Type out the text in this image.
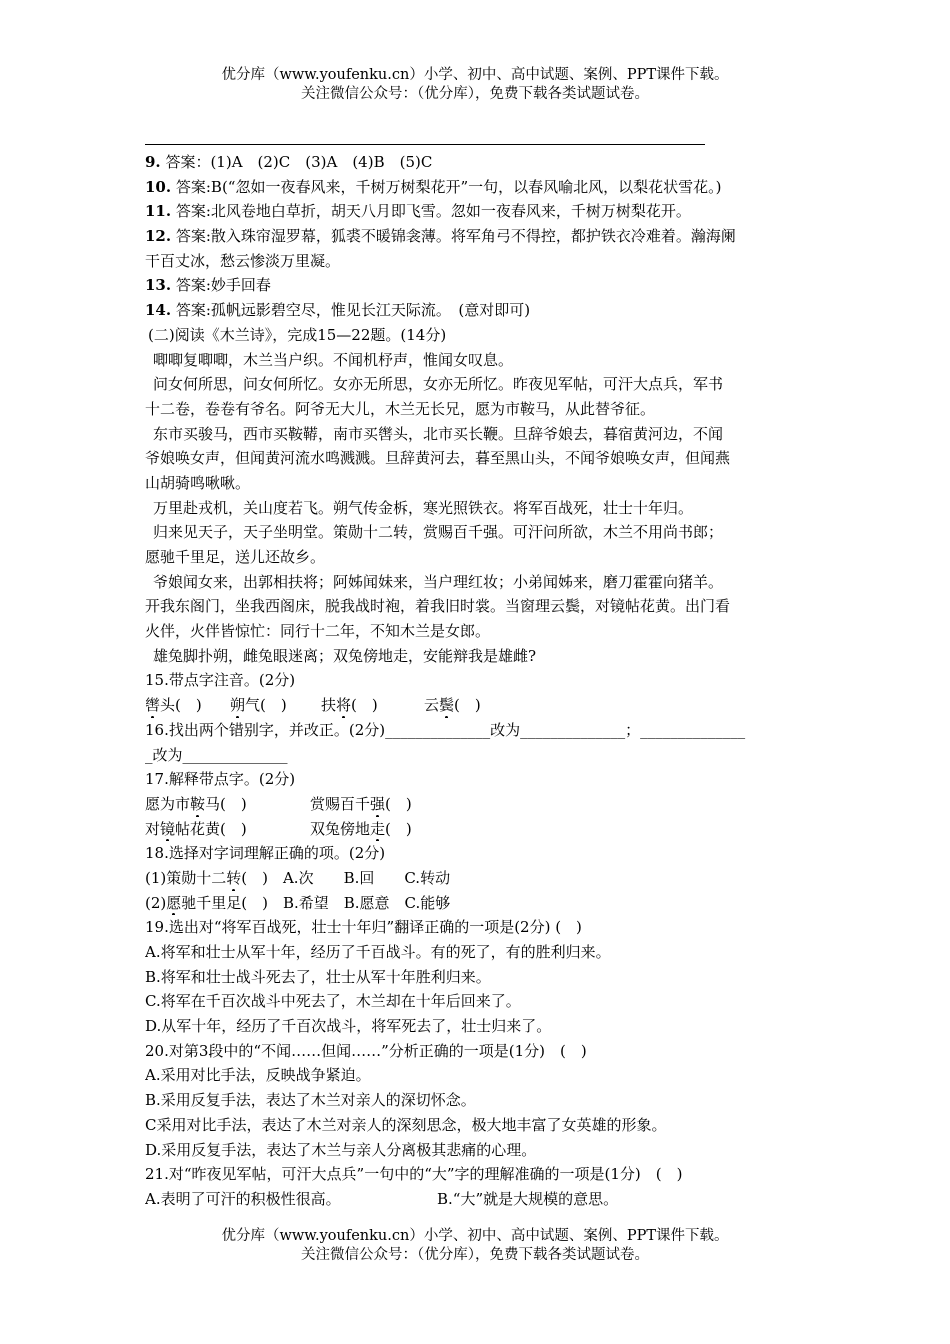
优分库（www.youfenku.cn）小学、初中、高中试题、案例、PPT课件下载。
关注微信公众号：（优分库），免费下载各类试题试卷。
9. 答案：(1)A　(2)C　(3)A　(4)B　(5)C
10. 答案:B(“忽如一夜春风来，千树万树梨花开”一句，以春风喻北风，以梨花状雪花。)
11. 答案:北风卷地白草折，胡天八月即飞雪。忽如一夜春风来，千树万树梨花开。
12. 答案:散入珠帘湿罗幕，狐裘不暖锦衾薄。将军角弓不得控，都护铁衣冷难着。瀚海阑
干百丈冰，愁云惨淡万里凝。
13. 答案:妙手回春
14. 答案:孤帆远影碧空尽，惟见长江天际流。　(意对即可)
(二)阅读《木兰诗》，完成15—22题。(14分)
唧唧复唧唧，木兰当户织。不闻机杼声，惟闻女叹息。
问女何所思，问女何所忆。女亦无所思，女亦无所忆。昨夜见军帖，可汗大点兵，军书
十二卷，卷卷有爷名。阿爷无大儿，木兰无长兄，愿为市鞍马，从此替爷征。
东市买骏马，西市买鞍鞯，南市买辔头，北市买长鞭。旦辞爷娘去，暮宿黄河边，不闻
爷娘唤女声，但闻黄河流水鸣溅溅。旦辞黄河去，暮至黑山头，不闻爷娘唤女声，但闻燕
山胡骑鸣啾啾。
万里赴戎机，关山度若飞。朔气传金柝，寒光照铁衣。将军百战死，壮士十年归。
归来见天子，天子坐明堂。策勋十二转，赏赐百千强。可汗问所欲，木兰不用尚书郎；
愿驰千里足，送儿还故乡。
爷娘闻女来，出郭相扶将；阿姊闻妹来，当户理红妆；小弟闻姊来，磨刀霍霍向猪羊。
开我东阁门，坐我西阁床，脱我战时袍，着我旧时裳。当窗理云鬓，对镜帖花黄。出门看
火伴，火伴皆惊忙：同行十二年，不知木兰是女郎。
雄兔脚扑朔，雌兔眼迷离；双兔傍地走，安能辩我是雄雌?
15.带点字注音。(2分)
辔头(　) 朔气(　) 扶将(　)	云鬓(　)
16.找出两个错别字，并改正。(2分)______________改为______________；______________
_改为______________
17.解释带点字。(2分)
愿为市鞍马(　)	赏赐百千强(　)
对镜帖花黄(　)	双兔傍地走(　)
18.选择对字词理解正确的项。(2分)
(1)策勋十二转(　)　A.次　　B.回　　C.转动
(2)愿驰千里足(　)　B.希望　B.愿意　C.能够
19.选出对“将军百战死，壮士十年归”翻译正确的一项是(2分) (　)
A.将军和壮士从军十年，经历了千百战斗。有的死了，有的胜利归来。
B.将军和壮士战斗死去了，壮士从军十年胜利归来。
C.将军在千百次战斗中死去了，木兰却在十年后回来了。
D.从军十年，经历了千百次战斗，将军死去了，壮士归来了。
20.对第3段中的“不闻……但闻……”分析正确的一项是(1分)　(　)
A.采用对比手法，反映战争紧迫。
B.采用反复手法，表达了木兰对亲人的深切怀念。
C采用对比手法，表达了木兰对亲人的深刻思念，极大地丰富了女英雄的形象。
D.采用反复手法，表达了木兰与亲人分离极其悲痛的心理。
21.对“昨夜见军帖，可汗大点兵”一句中的“大”字的理解准确的一项是(1分)　(　)
A.表明了可汗的积极性很高。	B.“大”就是大规模的意思。
优分库（www.youfenku.cn）小学、初中、高中试题、案例、PPT课件下载。
关注微信公众号：（优分库），免费下载各类试题试卷。
